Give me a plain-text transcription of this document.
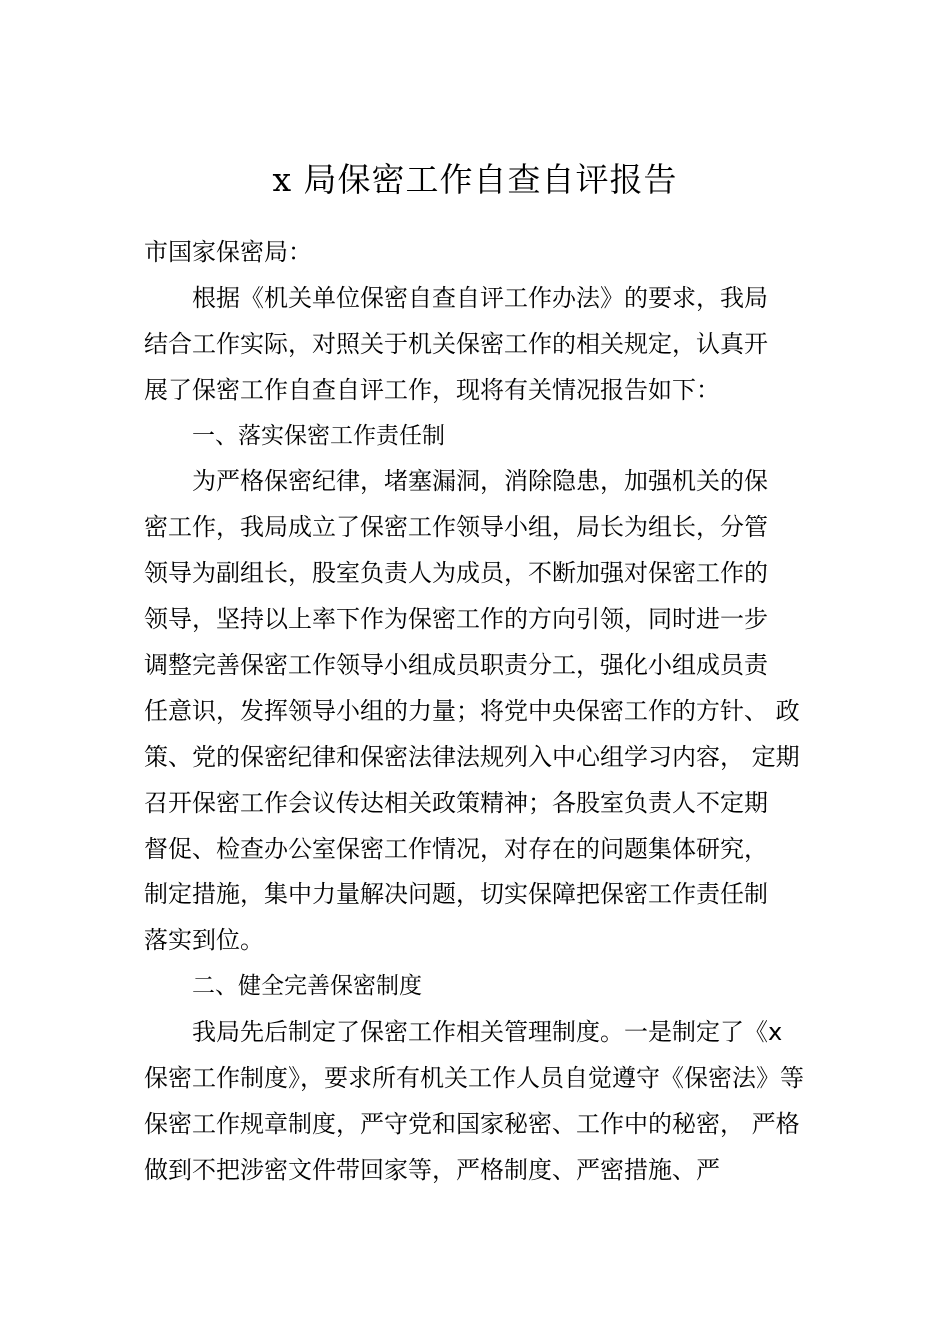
x 局保密工作自查自评报告
市国家保密局：
根据《机关单位保密自查自评工作办法》的要求，我局
结合工作实际，对照关于机关保密工作的相关规定，认真开
展了保密工作自查自评工作，现将有关情况报告如下：
一、落实保密工作责任制
为严格保密纪律，堵塞漏洞，消除隐患，加强机关的保
密工作，我局成立了保密工作领导小组，局长为组长，分管
领导为副组长，股室负责人为成员，不断加强对保密工作的
领导，坚持以上率下作为保密工作的方向引领，同时进一步
调整完善保密工作领导小组成员职责分工，强化小组成员责
任意识，发挥领导小组的力量；将党中央保密工作的方针、 政
策、党的保密纪律和保密法律法规列入中心组学习内容， 定期
召开保密工作会议传达相关政策精神；各股室负责人不定期
督促、检查办公室保密工作情况，对存在的问题集体研究，
制定措施，集中力量解决问题，切实保障把保密工作责任制
落实到位。
二、健全完善保密制度
我局先后制定了保密工作相关管理制度。一是制定了《x
保密工作制度》，要求所有机关工作人员自觉遵守《保密法》等
保密工作规章制度，严守党和国家秘密、工作中的秘密， 严格
做到不把涉密文件带回家等，严格制度、严密措施、严
